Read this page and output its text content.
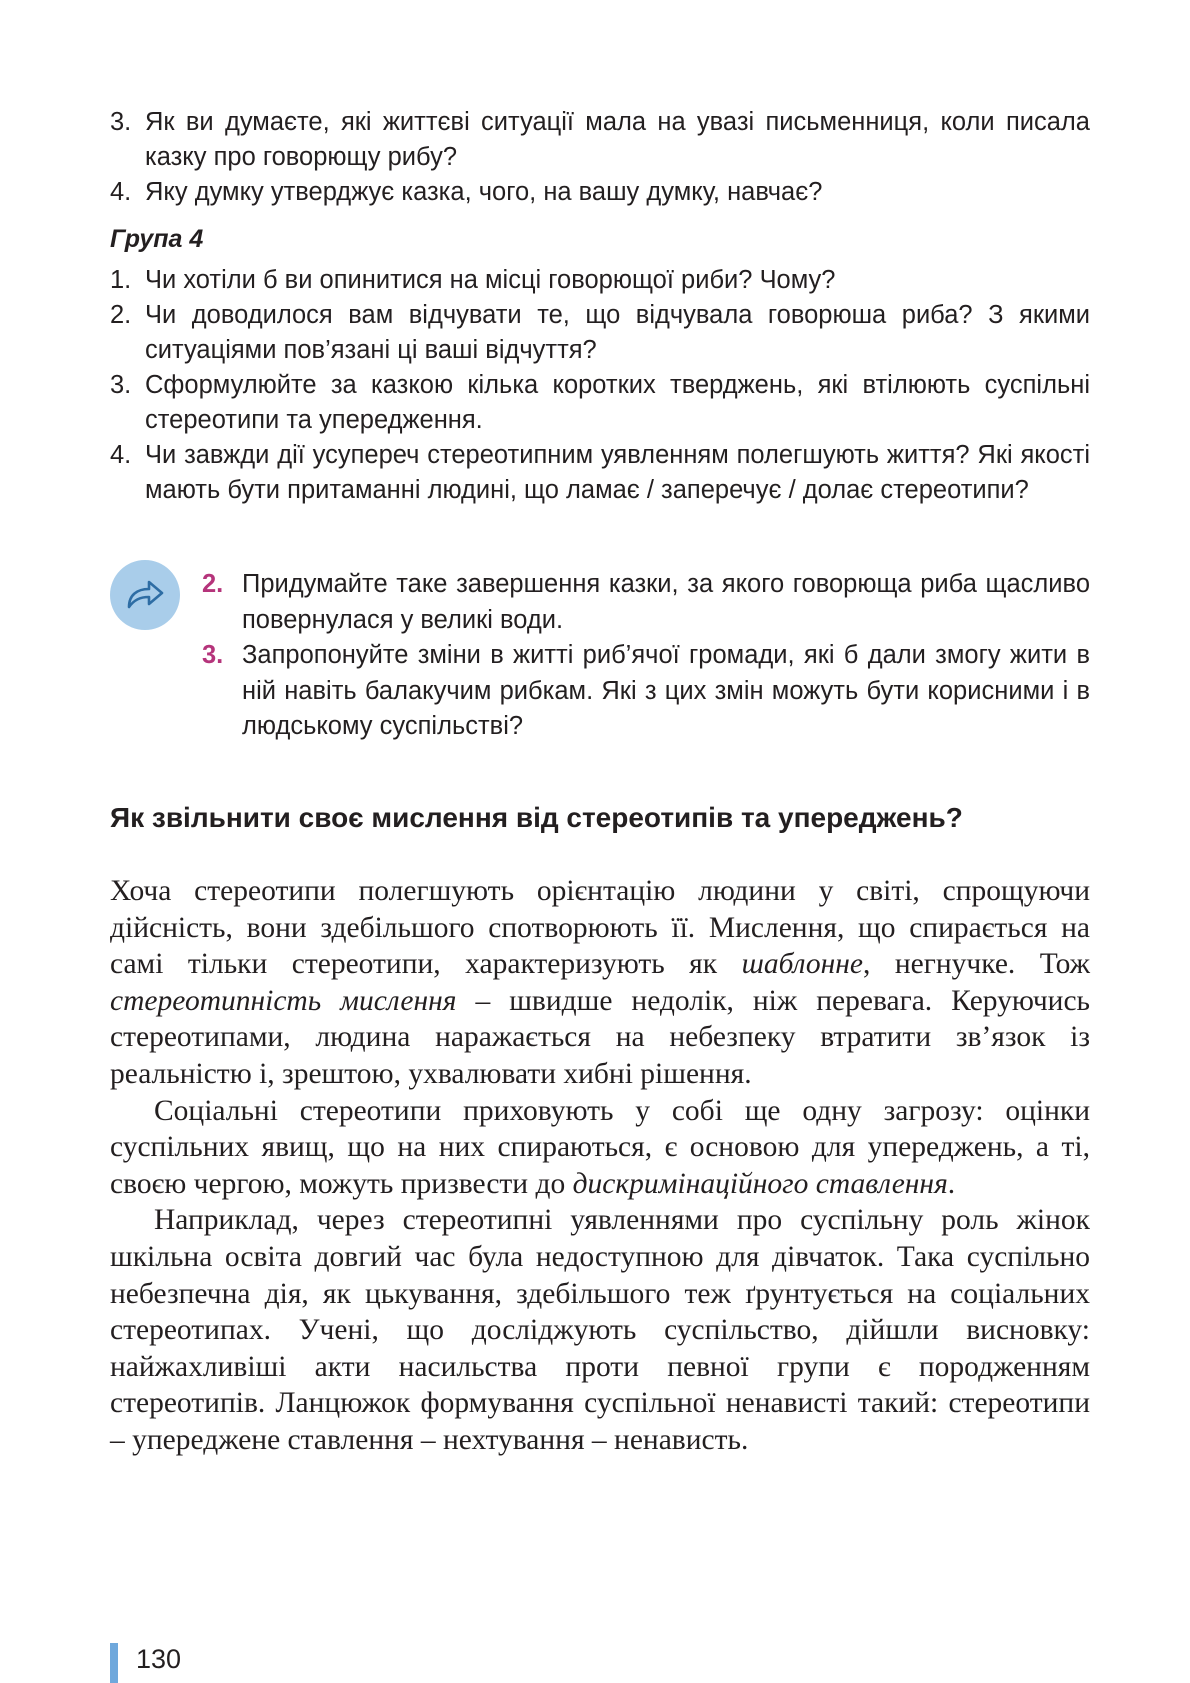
3. Як ви думаєте, які життєві ситуації мала на увазі письменниця, коли писала казку про говорющу рибу?
4. Яку думку утверджує казка, чого, на вашу думку, навчає?
Група 4
1. Чи хотіли б ви опинитися на місці говорющої риби? Чому?
2. Чи доводилося вам відчувати те, що відчувала говорюша риба? З якими ситуаціями пов’язані ці ваші відчуття?
3. Сформулюйте за казкою кілька коротких тверджень, які втілюють суспільні стереотипи та упередження.
4. Чи завжди дії усупереч стереотипним уявленням полегшують життя? Які якості мають бути притаманні людині, що ламає / заперечує / долає стереотипи?
2. Придумайте таке завершення казки, за якого говорюща риба щасливо повернулася у великі води.
3. Запропонуйте зміни в житті риб’ячої громади, які б дали змогу жити в ній навіть балакучим рибкам. Які з цих змін можуть бути корисними і в людському суспільстві?
Як звільнити своє мислення від стереотипів та упереджень?

Хоча стереотипи полегшують орієнтацію людини у світі, спрощуючи дійсність, вони здебільшого спотворюють її. Мислення, що спирається на самі тільки стереотипи, характеризують як шаблонне, негнучке. Тож стереотипність мислення – швидше недолік, ніж перевага. Керуючись стереотипами, людина наражається на небезпеку втратити зв’язок із реальністю і, зрештою, ухвалювати хибні рішення.

Соціальні стереотипи приховують у собі ще одну загрозу: оцінки суспільних явищ, що на них спираються, є основою для упереджень, а ті, своєю чергою, можуть призвести до дискримінаційного ставлення.

Наприклад, через стереотипні уявленнями про суспільну роль жінок шкільна освіта довгий час була недоступною для дівчаток. Така суспільно небезпечна дія, як цькування, здебільшого теж ґрунтується на соціальних стереотипах. Учені, що досліджують суспільство, дійшли висновку: найжахливіші акти насильства проти певної групи є породженням стереотипів. Ланцюжок формування суспільної ненависті такий: стереотипи – упереджене ставлення – нехтування – ненависть.

130
